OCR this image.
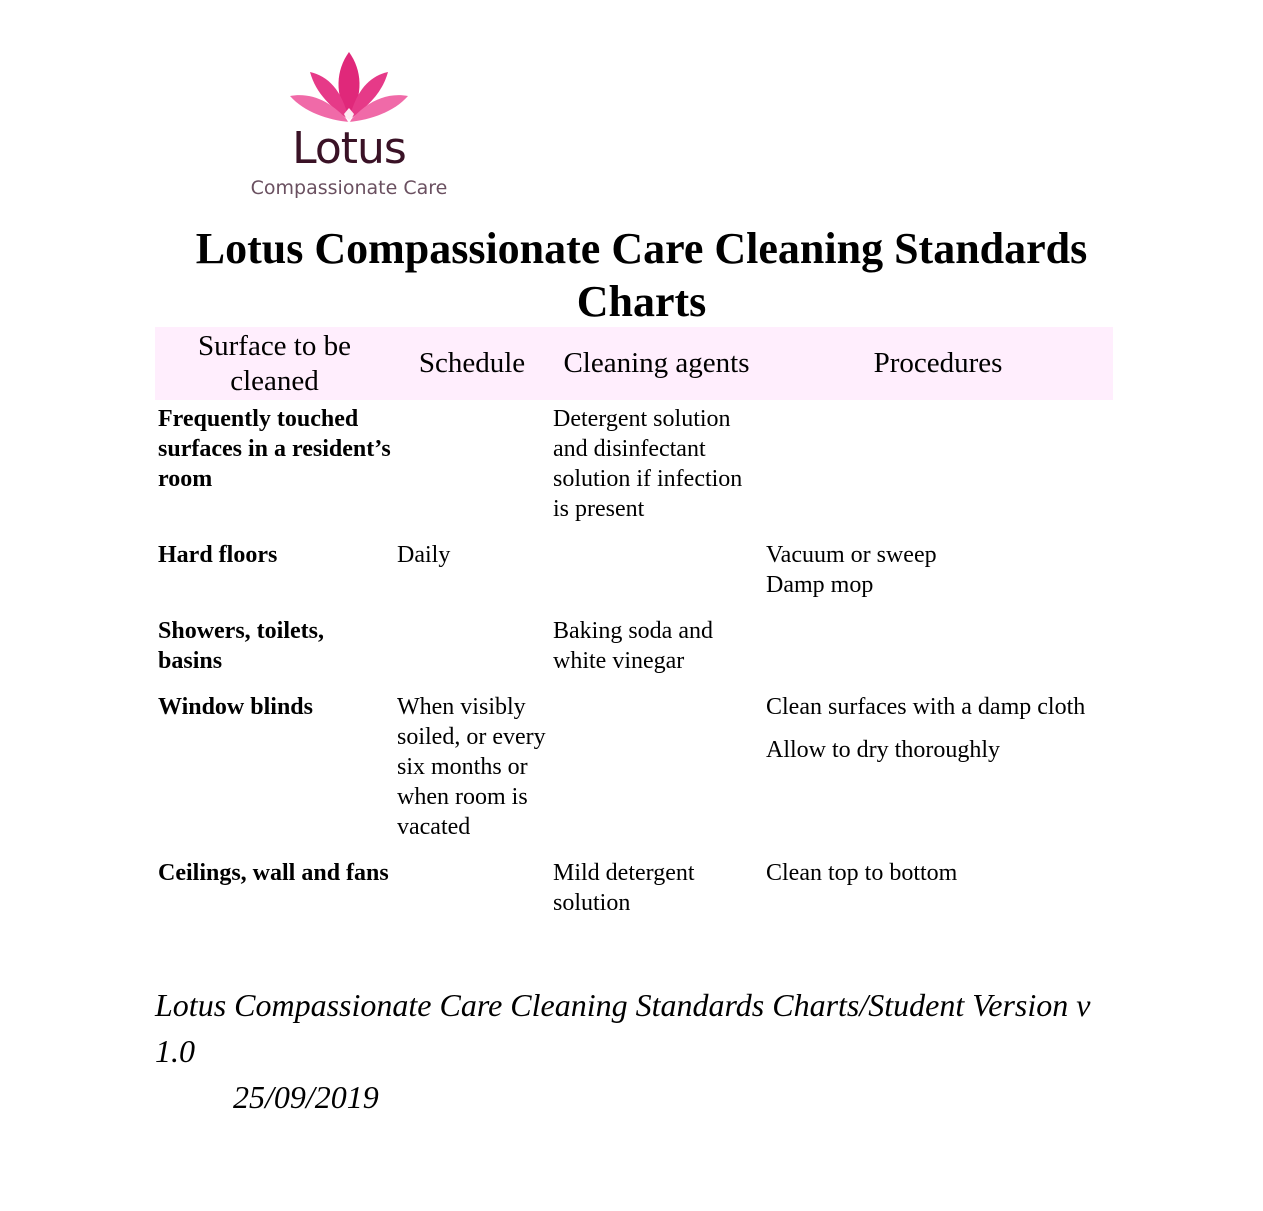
Lotus
Compassionate Care
Lotus Compassionate Care Cleaning Standards Charts
Surface to be cleaned	Schedule	Cleaning agents	Procedures
Frequently touched surfaces in a resident’s room		Detergent solution and disinfectant solution if infection is present	
Hard floors	Daily		Vacuum or sweep
Damp mop

Showers, toilets, basins		Baking soda and white vinegar	
Window blinds	When visibly soiled, or every six months or when room is vacated		Clean surfaces with a damp cloth
Allow to dry thoroughly

Ceilings, wall and fans		Mild detergent solution	Clean top to bottom

Lotus Compassionate Care Cleaning Standards Charts/Student Version v 1.0
25/09/2019
